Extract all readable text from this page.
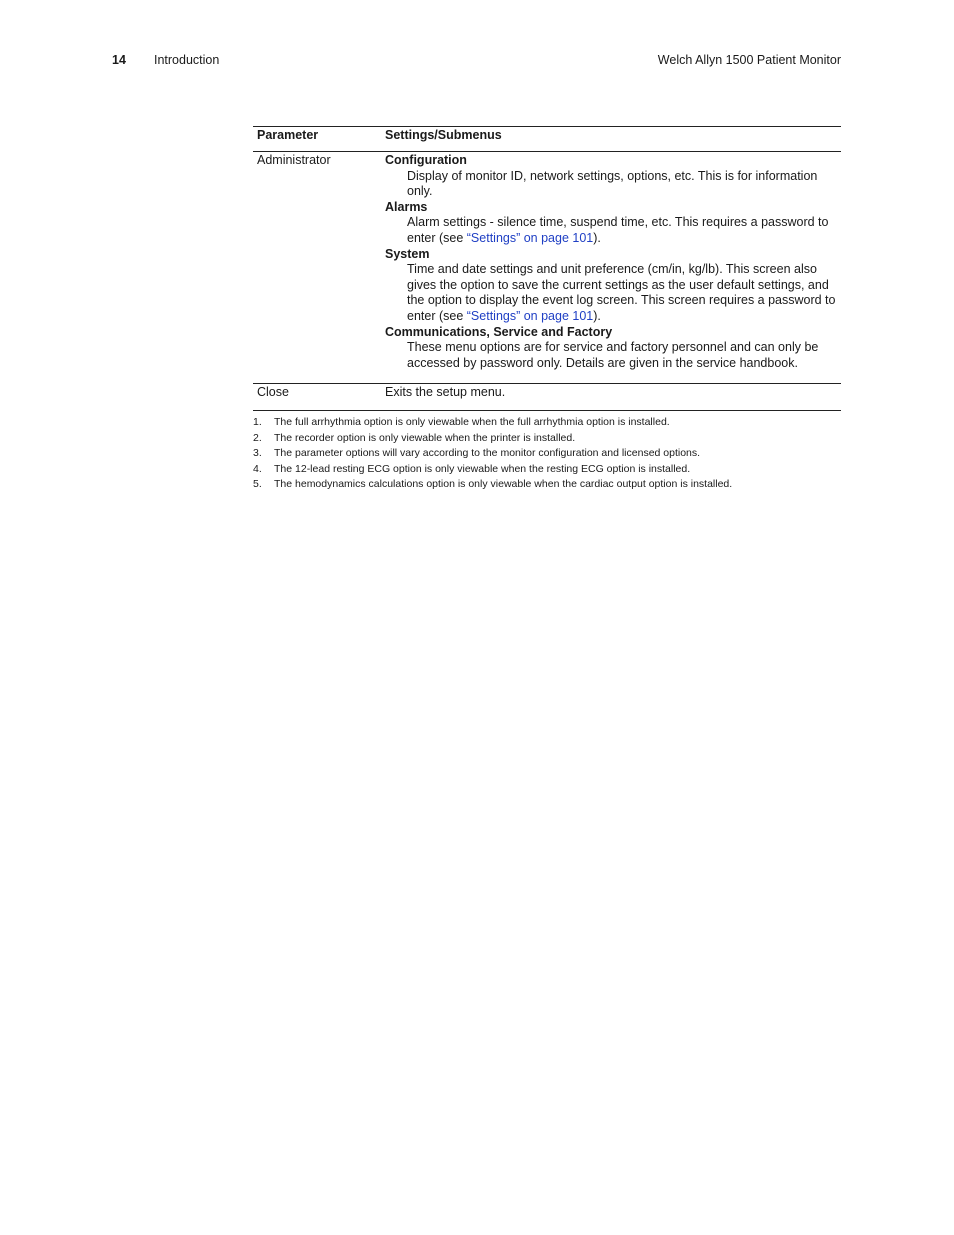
14 Introduction	Welch Allyn 1500 Patient Monitor
Parameter	Settings/Submenus
Administrator	Configuration
Display of monitor ID, network settings, options, etc. This is for information only.
Alarms
Alarm settings - silence time, suspend time, etc. This requires a password to enter (see “Settings” on page 101).
System
Time and date settings and unit preference (cm/in, kg/lb). This screen also gives the option to save the current settings as the user default settings, and the option to display the event log screen. This screen requires a password to enter (see “Settings” on page 101).
Communications, Service and Factory
These menu options are for service and factory personnel and can only be accessed by password only. Details are given in the service handbook.
Close	Exits the setup menu.
1.	The full arrhythmia option is only viewable when the full arrhythmia option is installed.
2.	The recorder option is only viewable when the printer is installed.
3.	The parameter options will vary according to the monitor configuration and licensed options.
4.	The 12-lead resting ECG option is only viewable when the resting ECG option is installed.
5.	The hemodynamics calculations option is only viewable when the cardiac output option is installed.
